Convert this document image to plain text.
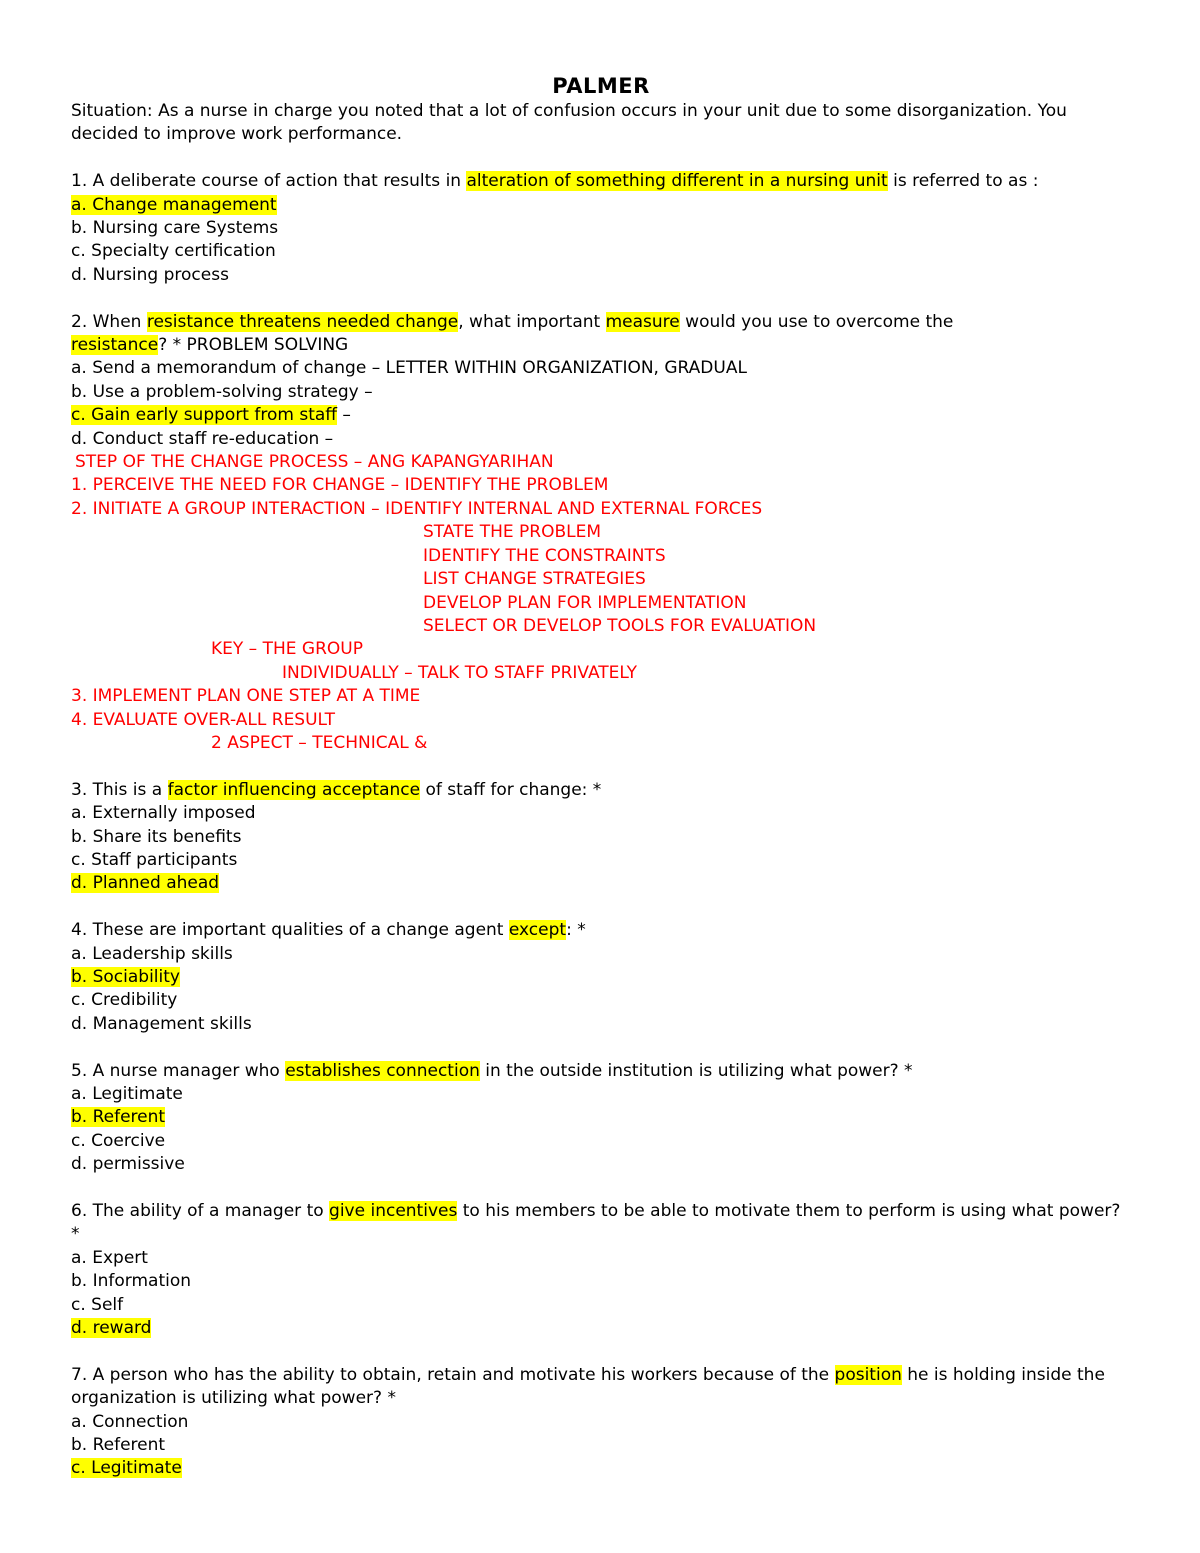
PALMER
Situation: As a nurse in charge you noted that a lot of confusion occurs in your unit due to some disorganization. You decided to improve work performance.
1. A deliberate course of action that results in alteration of something different in a nursing unit is referred to as :
a. Change management
b. Nursing care Systems
c. Specialty certification
d. Nursing process
2. When resistance threatens needed change, what important measure would you use to overcome the
resistance? * PROBLEM SOLVING
a. Send a memorandum of change – LETTER WITHIN ORGANIZATION, GRADUAL
b. Use a problem-solving strategy –
c. Gain early support from staff –
d. Conduct staff re-education –
STEP OF THE CHANGE PROCESS – ANG KAPANGYARIHAN
1. PERCEIVE THE NEED FOR CHANGE – IDENTIFY THE PROBLEM
2. INITIATE A GROUP INTERACTION – IDENTIFY INTERNAL AND EXTERNAL FORCES
STATE THE PROBLEM
IDENTIFY THE CONSTRAINTS
LIST CHANGE STRATEGIES
DEVELOP PLAN FOR IMPLEMENTATION
SELECT OR DEVELOP TOOLS FOR EVALUATION
KEY – THE GROUP
INDIVIDUALLY – TALK TO STAFF PRIVATELY
3. IMPLEMENT PLAN ONE STEP AT A TIME
4. EVALUATE OVER-ALL RESULT
2 ASPECT – TECHNICAL &
3. This is a factor influencing acceptance of staff for change: *
a. Externally imposed
b. Share its benefits
c. Staff participants
d. Planned ahead
4. These are important qualities of a change agent except: *
a. Leadership skills
b. Sociability
c. Credibility
d. Management skills
5. A nurse manager who establishes connection in the outside institution is utilizing what power? *
a. Legitimate
b. Referent
c. Coercive
d. permissive
6. The ability of a manager to give incentives to his members to be able to motivate them to perform is using what power? *
a. Expert
b. Information
c. Self
d. reward
7. A person who has the ability to obtain, retain and motivate his workers because of the position he is holding inside the organization is utilizing what power? *
a. Connection
b. Referent
c. Legitimate
